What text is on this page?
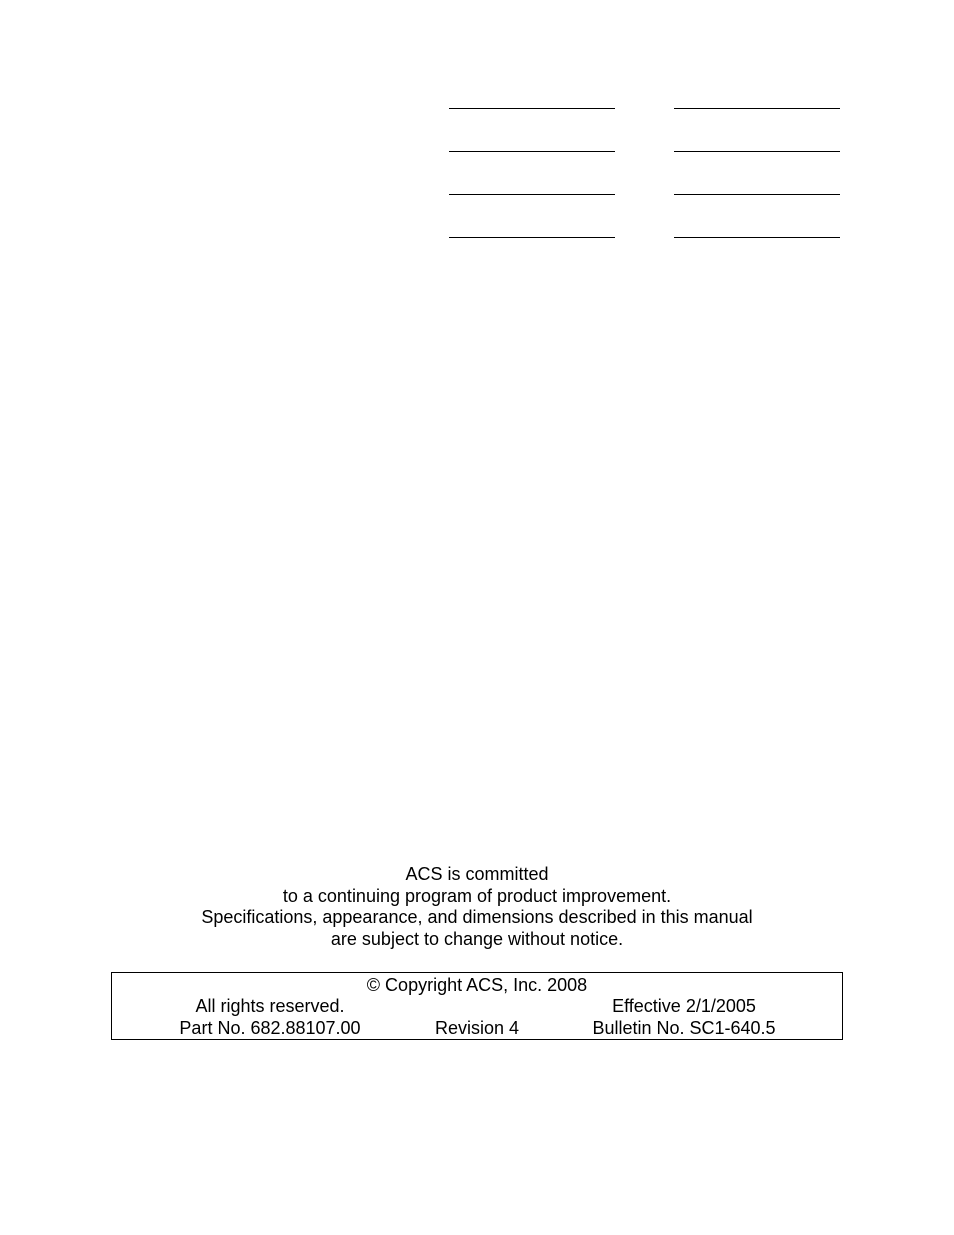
ACS is committed
to a continuing program of product improvement.
Specifications, appearance, and dimensions described in this manual
are subject to change without notice.
© Copyright ACS, Inc. 2008
All rights reserved.	Effective 2/1/2005
Part No. 682.88107.00	Revision 4	Bulletin No. SC1-640.5
